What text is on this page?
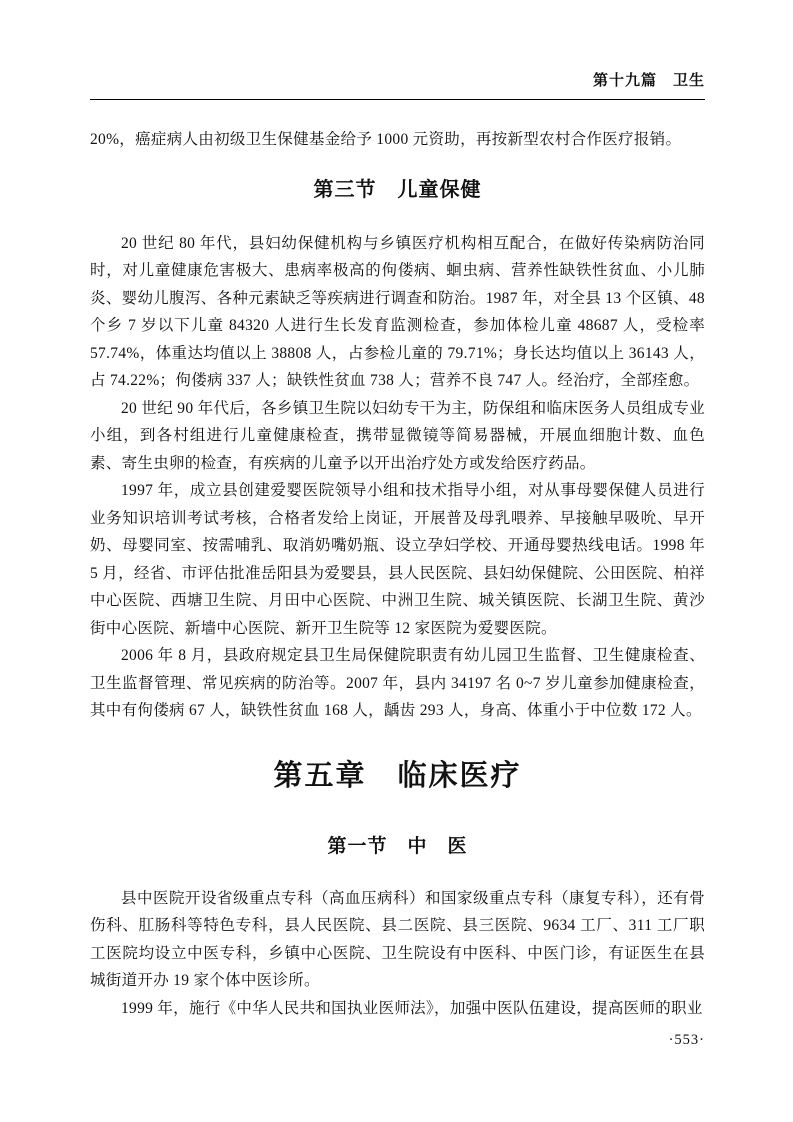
第十九篇　卫生

20%，癌症病人由初级卫生保健基金给予 1000 元资助，再按新型农村合作医疗报销。

第三节　儿童保健

20 世纪 80 年代，县妇幼保健机构与乡镇医疗机构相互配合，在做好传染病防治同时，对儿童健康危害极大、患病率极高的佝偻病、蛔虫病、营养性缺铁性贫血、小儿肺炎、婴幼儿腹泻、各种元素缺乏等疾病进行调查和防治。1987 年，对全县 13 个区镇、48 个乡 7 岁以下儿童 84320 人进行生长发育监测检查，参加体检儿童 48687 人，受检率 57.74%，体重达均值以上 38808 人，占参检儿童的 79.71%；身长达均值以上 36143 人，占 74.22%；佝偻病 337 人；缺铁性贫血 738 人；营养不良 747 人。经治疗，全部痊愈。

20 世纪 90 年代后，各乡镇卫生院以妇幼专干为主，防保组和临床医务人员组成专业小组，到各村组进行儿童健康检查，携带显微镜等简易器械，开展血细胞计数、血色素、寄生虫卵的检查，有疾病的儿童予以开出治疗处方或发给医疗药品。

1997 年，成立县创建爱婴医院领导小组和技术指导小组，对从事母婴保健人员进行业务知识培训考试考核，合格者发给上岗证，开展普及母乳喂养、早接触早吸吮、早开奶、母婴同室、按需哺乳、取消奶嘴奶瓶、设立孕妇学校、开通母婴热线电话。1998 年 5 月，经省、市评估批准岳阳县为爱婴县，县人民医院、县妇幼保健院、公田医院、柏祥中心医院、西塘卫生院、月田中心医院、中洲卫生院、城关镇医院、长湖卫生院、黄沙街中心医院、新墙中心医院、新开卫生院等 12 家医院为爱婴医院。

2006 年 8 月，县政府规定县卫生局保健院职责有幼儿园卫生监督、卫生健康检查、卫生监督管理、常见疾病的防治等。2007 年，县内 34197 名 0~7 岁儿童参加健康检查，其中有佝偻病 67 人，缺铁性贫血 168 人，龋齿 293 人，身高、体重小于中位数 172 人。

第五章　临床医疗
第一节　中　医

县中医院开设省级重点专科（高血压病科）和国家级重点专科（康复专科），还有骨伤科、肛肠科等特色专科，县人民医院、县二医院、县三医院、9634 工厂、311 工厂职工医院均设立中医专科，乡镇中心医院、卫生院设有中医科、中医门诊，有证医生在县城街道开办 19 家个体中医诊所。

1999 年，施行《中华人民共和国执业医师法》，加强中医队伍建设，提高医师的职业

·553·
